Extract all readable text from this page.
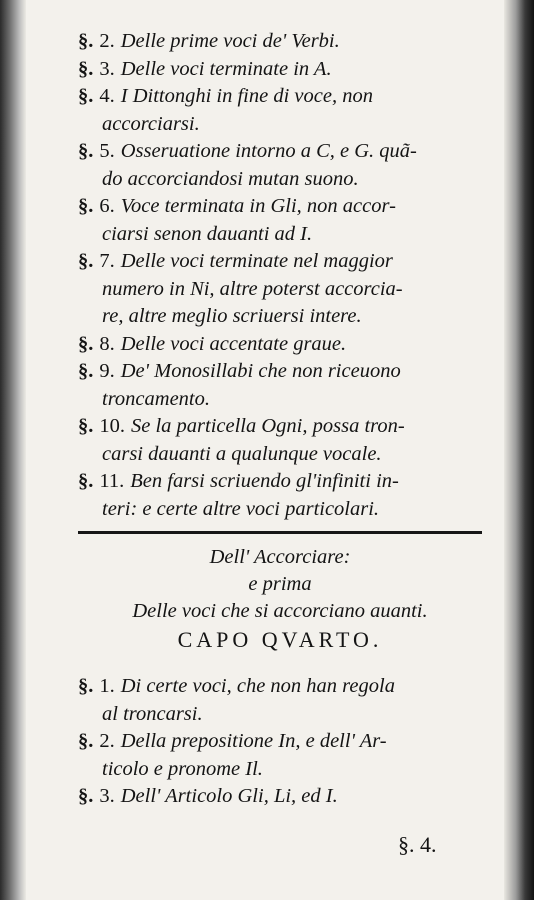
§. 2. Delle prime voci de' Verbi.
§. 3. Delle voci terminate in A.
§. 4. I Dittonghi in fine di voce, non
accorciarsi.
§. 5. Osseruatione intorno a C, e G. quã-
do accorciandosi mutan suono.
§. 6. Voce terminata in Gli, non accor-
ciarsi senon dauanti ad I.
§. 7. Delle voci terminate nel maggior
numero in Ni, altre poterst accorcia-
re, altre meglio scriuersi intere.
§. 8. Delle voci accentate graue.
§. 9. De' Monosillabi che non riceuono
troncamento.
§. 10. Se la particella Ogni, possa tron-
carsi dauanti a qualunque vocale.
§. 11. Ben farsi scriuendo gl'infiniti in-
teri: e certe altre voci particolari.
Dell' Accorciare:
e prima
Delle voci che si accorciano auanti.
CAPO QVARTO.
§. 1. Di certe voci, che non han regola
al troncarsi.
§. 2. Della prepositione In, e dell' Ar-
ticolo e pronome Il.
§. 3. Dell' Articolo Gli, Li, ed I.
§. 4.
